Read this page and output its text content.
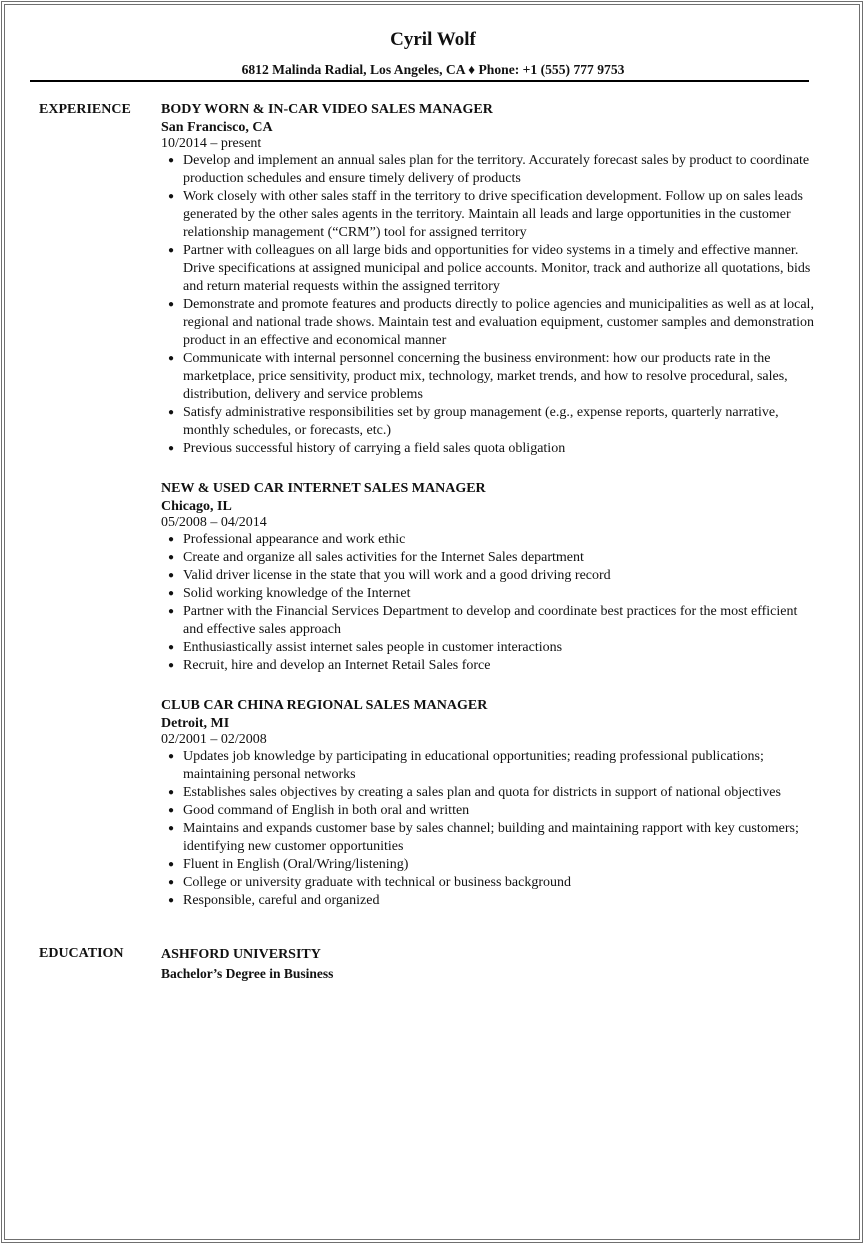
Cyril Wolf
6812 Malinda Radial, Los Angeles, CA ♦ Phone: +1 (555) 777 9753
EXPERIENCE BODY WORN & IN-CAR VIDEO SALES MANAGER
San Francisco, CA
10/2014 – present
● Develop and implement an annual sales plan for the territory. Accurately forecast sales by product to coordinate production schedules and ensure timely delivery of products
● Work closely with other sales staff in the territory to drive specification development. Follow up on sales leads generated by the other sales agents in the territory. Maintain all leads and large opportunities in the customer relationship management (“CRM”) tool for assigned territory
● Partner with colleagues on all large bids and opportunities for video systems in a timely and effective manner. Drive specifications at assigned municipal and police accounts. Monitor, track and authorize all quotations, bids and return material requests within the assigned territory
● Demonstrate and promote features and products directly to police agencies and municipalities as well as at local, regional and national trade shows. Maintain test and evaluation equipment, customer samples and demonstration product in an effective and economical manner
● Communicate with internal personnel concerning the business environment: how our products rate in the marketplace, price sensitivity, product mix, technology, market trends, and how to resolve procedural, sales, distribution, delivery and service problems
● Satisfy administrative responsibilities set by group management (e.g., expense reports, quarterly narrative, monthly schedules, or forecasts, etc.)
● Previous successful history of carrying a field sales quota obligation
NEW & USED CAR INTERNET SALES MANAGER
Chicago, IL
05/2008 – 04/2014
● Professional appearance and work ethic
● Create and organize all sales activities for the Internet Sales department
● Valid driver license in the state that you will work and a good driving record
● Solid working knowledge of the Internet
● Partner with the Financial Services Department to develop and coordinate best practices for the most efficient and effective sales approach
● Enthusiastically assist internet sales people in customer interactions
● Recruit, hire and develop an Internet Retail Sales force
CLUB CAR CHINA REGIONAL SALES MANAGER
Detroit, MI
02/2001 – 02/2008
● Updates job knowledge by participating in educational opportunities; reading professional publications; maintaining personal networks
● Establishes sales objectives by creating a sales plan and quota for districts in support of national objectives
● Good command of English in both oral and written
● Maintains and expands customer base by sales channel; building and maintaining rapport with key customers; identifying new customer opportunities
● Fluent in English (Oral/Wring/listening)
● College or university graduate with technical or business background
● Responsible, careful and organized
EDUCATION	ASHFORD UNIVERSITY
Bachelor’s Degree in Business
